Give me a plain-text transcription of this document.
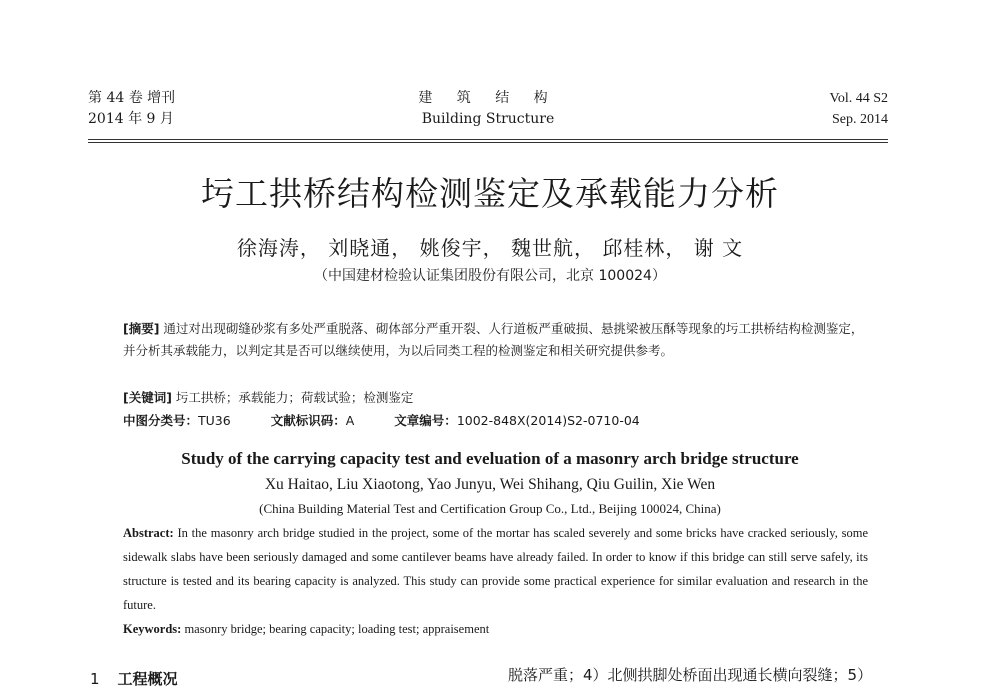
第 44 卷 增刊
2014 年 9 月
建 筑 结 构
Building Structure
Vol. 44 S2
Sep. 2014
圬工拱桥结构检测鉴定及承载能力分析
徐海涛， 刘晓通， 姚俊宇， 魏世航， 邱桂林， 谢 文
（中国建材检验认证集团股份有限公司，北京 100024）
[摘要] 通过对出现砌缝砂浆有多处严重脱落、砌体部分严重开裂、人行道板严重破损、悬挑梁被压酥等现象的圬工拱桥结构检测鉴定，并分析其承载能力，以判定其是否可以继续使用，为以后同类工程的检测鉴定和相关研究提供参考。
[关键词] 圬工拱桥；承载能力；荷载试验；检测鉴定
中图分类号：TU36	文献标识码：A	文章编号：1002-848X(2014)S2-0710-04
Study of the carrying capacity test and eveluation of a masonry arch bridge structure
Xu Haitao, Liu Xiaotong, Yao Junyu, Wei Shihang, Qiu Guilin, Xie Wen
(China Building Material Test and Certification Group Co., Ltd., Beijing 100024, China)
Abstract: In the masonry arch bridge studied in the project, some of the mortar has scaled severely and some bricks have cracked seriously, some sidewalk slabs have been seriously damaged and some cantilever beams have already failed. In order to know if this bridge can still serve safely, its structure is tested and its bearing capacity is analyzed. This study can provide some practical experience for similar evaluation and research in the future.
Keywords: masonry bridge; bearing capacity; loading test; appraisement
1 工程概况	脱落严重；4）北侧拱脚处桥面出现通长横向裂缝；5）
